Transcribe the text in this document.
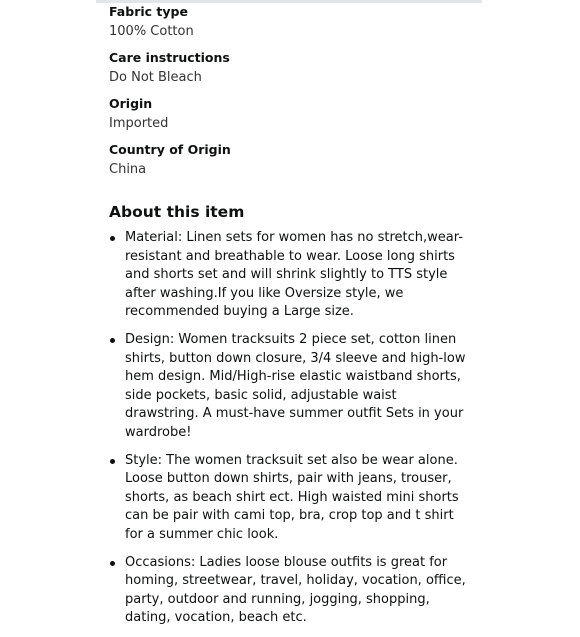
Fabric type
100% Cotton
Care instructions
Do Not Bleach
Origin
Imported
Country of Origin
China
About this item
Material: Linen sets for women has no stretch,wear-resistant and breathable to wear. Loose long shirts and shorts set and will shrink slightly to TTS style after washing.If you like Oversize style, we recommended buying a Large size.
Design: Women tracksuits 2 piece set, cotton linen shirts, button down closure, 3/4 sleeve and high-low hem design. Mid/High-rise elastic waistband shorts, side pockets, basic solid, adjustable waist drawstring. A must-have summer outfit Sets in your wardrobe!
Style: The women tracksuit set also be wear alone. Loose button down shirts, pair with jeans, trouser, shorts, as beach shirt ect. High waisted mini shorts can be pair with cami top, bra, crop top and t shirt for a summer chic look.
Occasions: Ladies loose blouse outfits is great for homing, streetwear, travel, holiday, vocation, office, party, outdoor and running, jogging, shopping, dating, vocation, beach etc.
